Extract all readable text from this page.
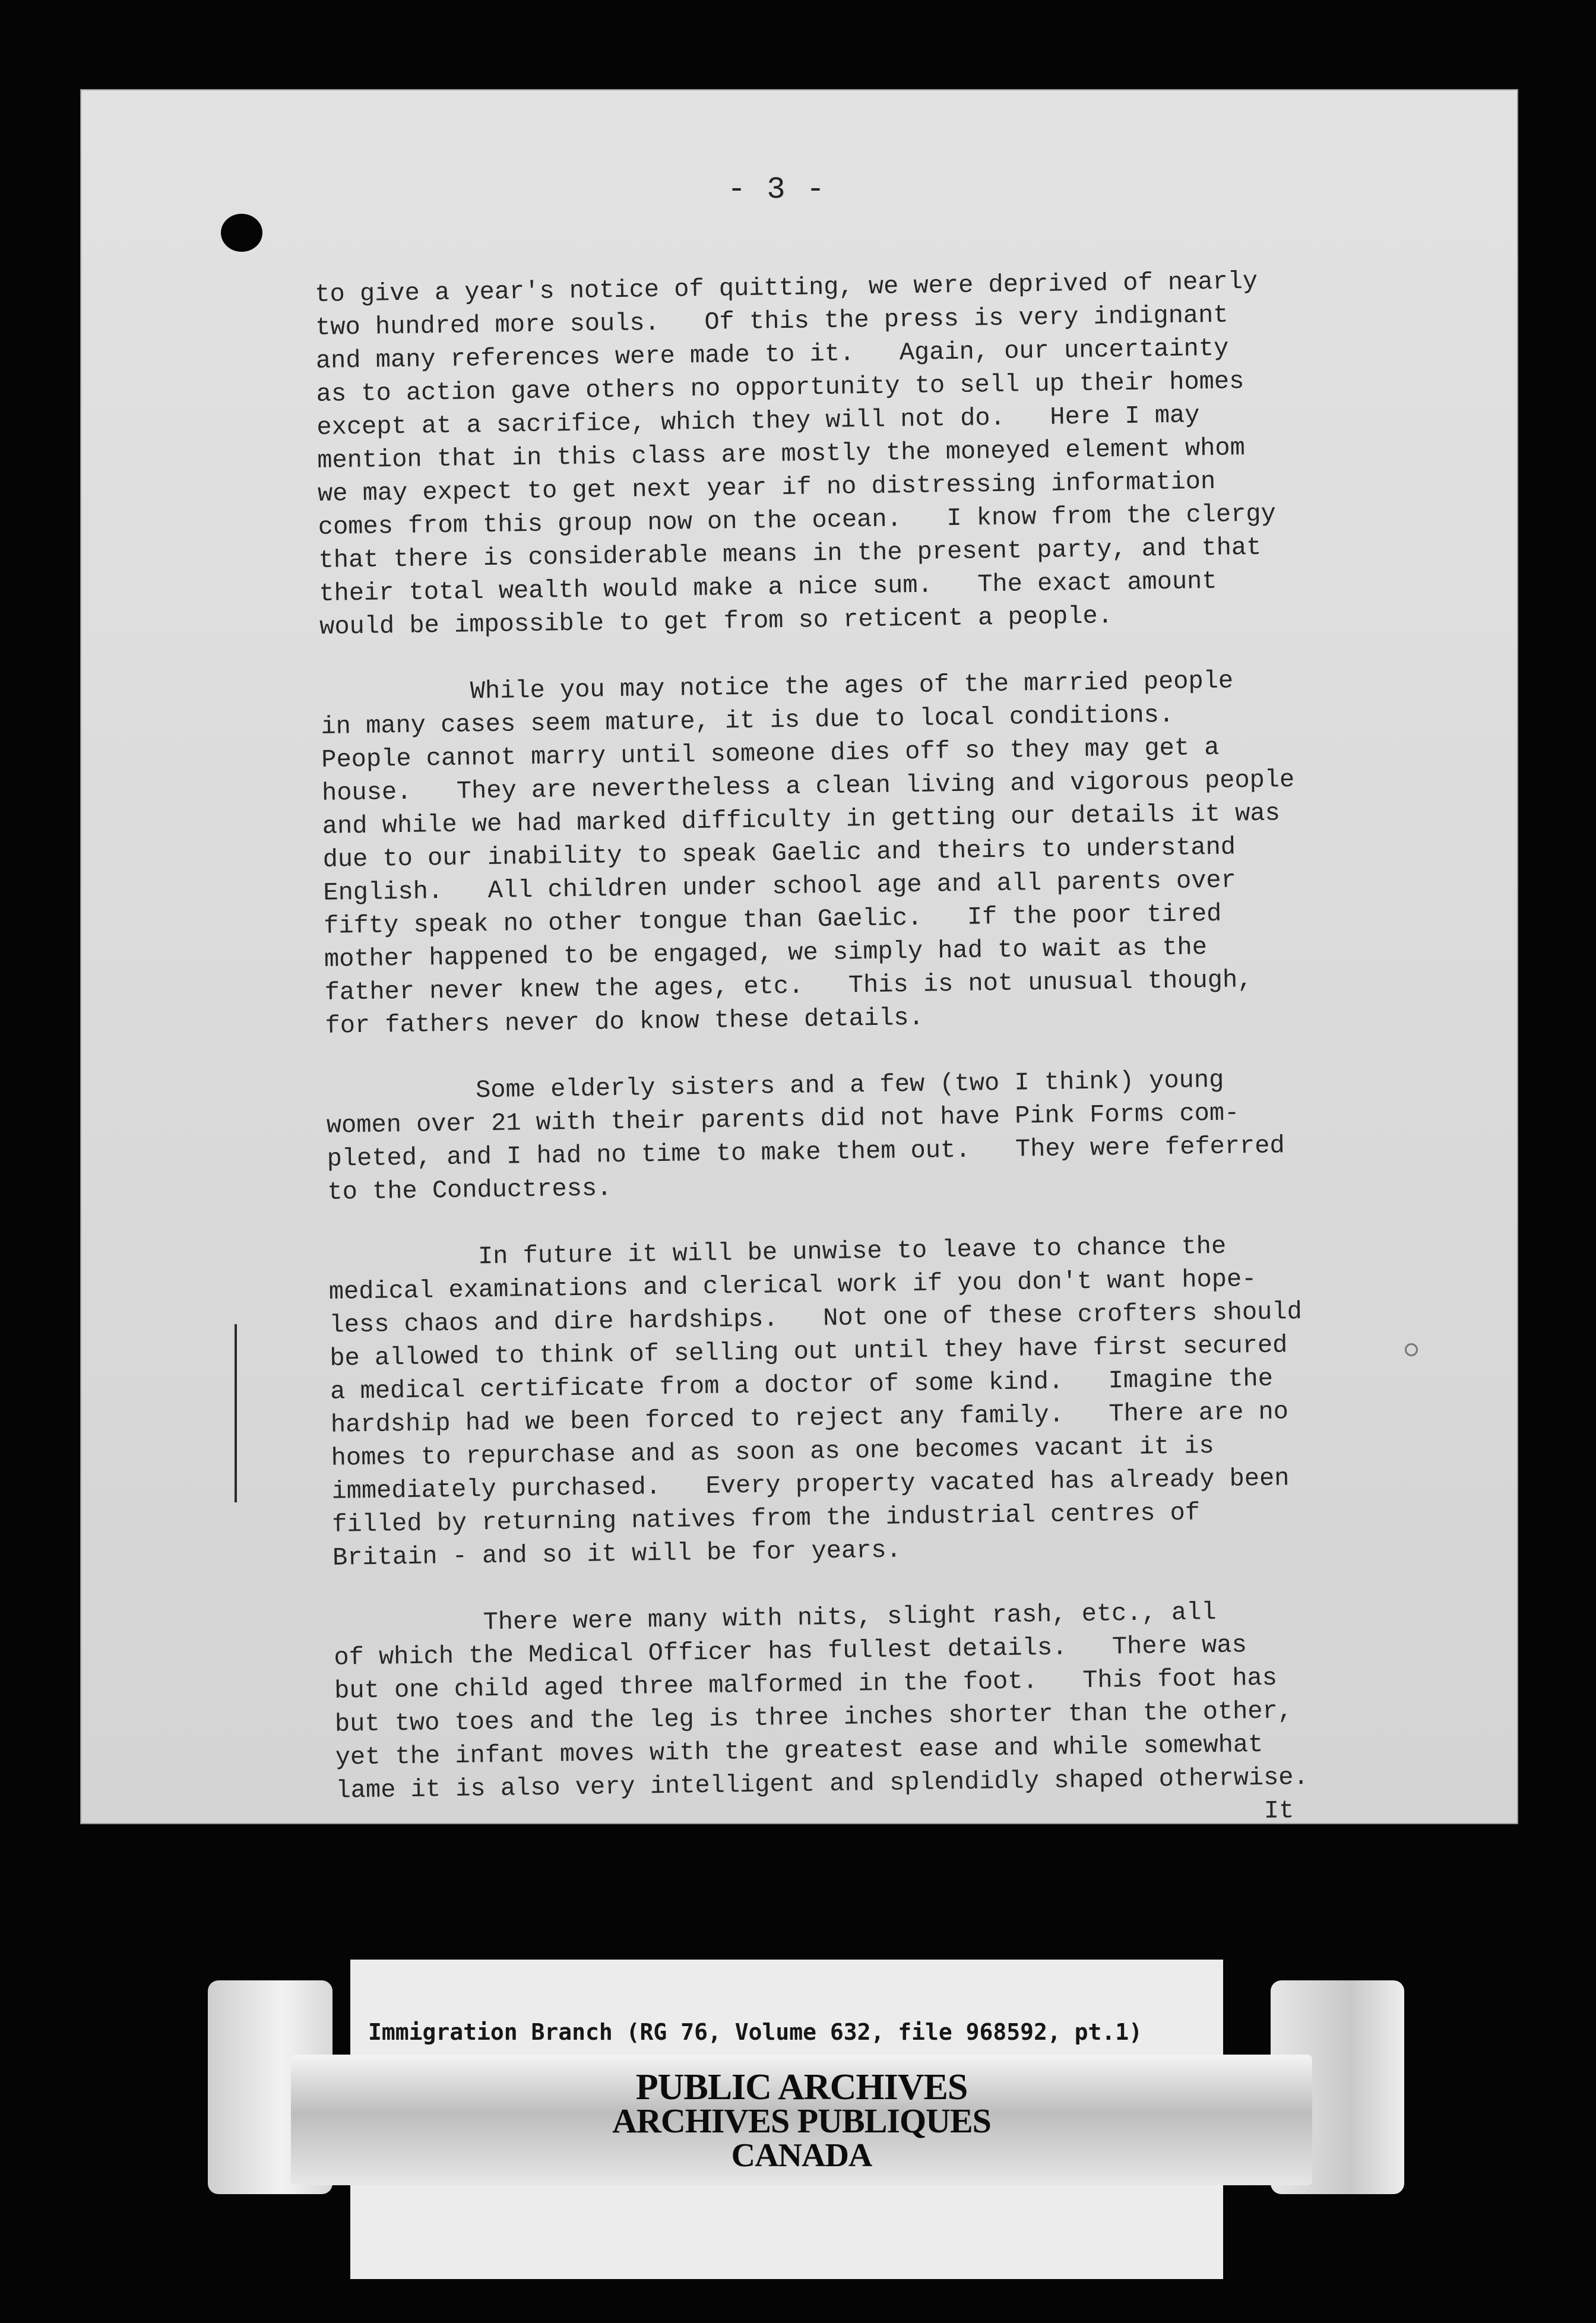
- 3 -
to give a year's notice of quitting, we were deprived of nearly
two hundred more souls.   Of this the press is very indignant
and many references were made to it.   Again, our uncertainty
as to action gave others no opportunity to sell up their homes
except at a sacrifice, which they will not do.   Here I may
mention that in this class are mostly the moneyed element whom
we may expect to get next year if no distressing information
comes from this group now on the ocean.   I know from the clergy
that there is considerable means in the present party, and that
their total wealth would make a nice sum.   The exact amount
would be impossible to get from so reticent a people.
While you may notice the ages of the married people
in many cases seem mature, it is due to local conditions.
People cannot marry until someone dies off so they may get a
house.   They are nevertheless a clean living and vigorous people
and while we had marked difficulty in getting our details it was
due to our inability to speak Gaelic and theirs to understand
English.   All children under school age and all parents over
fifty speak no other tongue than Gaelic.   If the poor tired
mother happened to be engaged, we simply had to wait as the
father never knew the ages, etc.   This is not unusual though,
for fathers never do know these details.
Some elderly sisters and a few (two I think) young
women over 21 with their parents did not have Pink Forms com-
pleted, and I had no time to make them out.   They were feferred
to the Conductress.
In future it will be unwise to leave to chance the
medical examinations and clerical work if you don't want hope-
less chaos and dire hardships.   Not one of these crofters should
be allowed to think of selling out until they have first secured
a medical certificate from a doctor of some kind.   Imagine the
hardship had we been forced to reject any family.   There are no
homes to repurchase and as soon as one becomes vacant it is
immediately purchased.   Every property vacated has already been
filled by returning natives from the industrial centres of
Britain - and so it will be for years.
There were many with nits, slight rash, etc., all
of which the Medical Officer has fullest details.   There was
but one child aged three malformed in the foot.   This foot has
but two toes and the leg is three inches shorter than the other,
yet the infant moves with the greatest ease and while somewhat
lame it is also very intelligent and splendidly shaped otherwise.
It
Immigration Branch (RG 76, Volume 632, file 968592, pt.1)
PUBLIC ARCHIVES
ARCHIVES PUBLIQUES
CANADA
